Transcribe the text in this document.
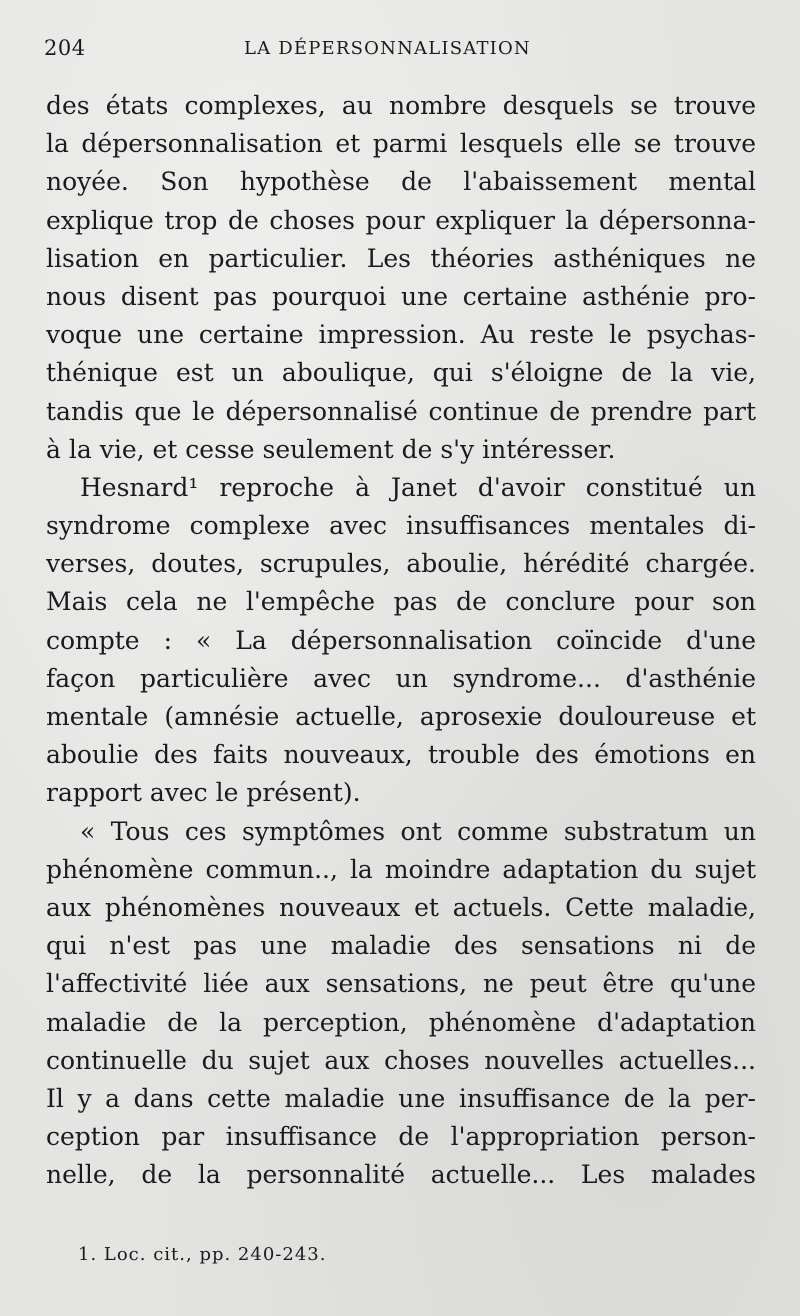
204	LA DÉPERSONNALISATION
des états complexes, au nombre desquels se trouve
la dépersonnalisation et parmi lesquels elle se trouve
noyée. Son hypothèse de l'abaissement mental
explique trop de choses pour expliquer la dépersonna-
lisation en particulier. Les théories asthéniques ne
nous disent pas pourquoi une certaine asthénie pro-
voque une certaine impression. Au reste le psychas-
thénique est un aboulique, qui s'éloigne de la vie,
tandis que le dépersonnalisé continue de prendre part
à la vie, et cesse seulement de s'y intéresser.
Hesnard¹ reproche à Janet d'avoir constitué un
syndrome complexe avec insuffisances mentales di-
verses, doutes, scrupules, aboulie, hérédité chargée.
Mais cela ne l'empêche pas de conclure pour son
compte : « La dépersonnalisation coïncide d'une
façon particulière avec un syndrome... d'asthénie
mentale (amnésie actuelle, aprosexie douloureuse et
aboulie des faits nouveaux, trouble des émotions en
rapport avec le présent).
« Tous ces symptômes ont comme substratum un
phénomène commun.., la moindre adaptation du sujet
aux phénomènes nouveaux et actuels. Cette maladie,
qui n'est pas une maladie des sensations ni de
l'affectivité liée aux sensations, ne peut être qu'une
maladie de la perception, phénomène d'adaptation
continuelle du sujet aux choses nouvelles actuelles...
Il y a dans cette maladie une insuffisance de la per-
ception par insuffisance de l'appropriation person-
nelle, de la personnalité actuelle... Les malades
1. Loc. cit., pp. 240-243.
